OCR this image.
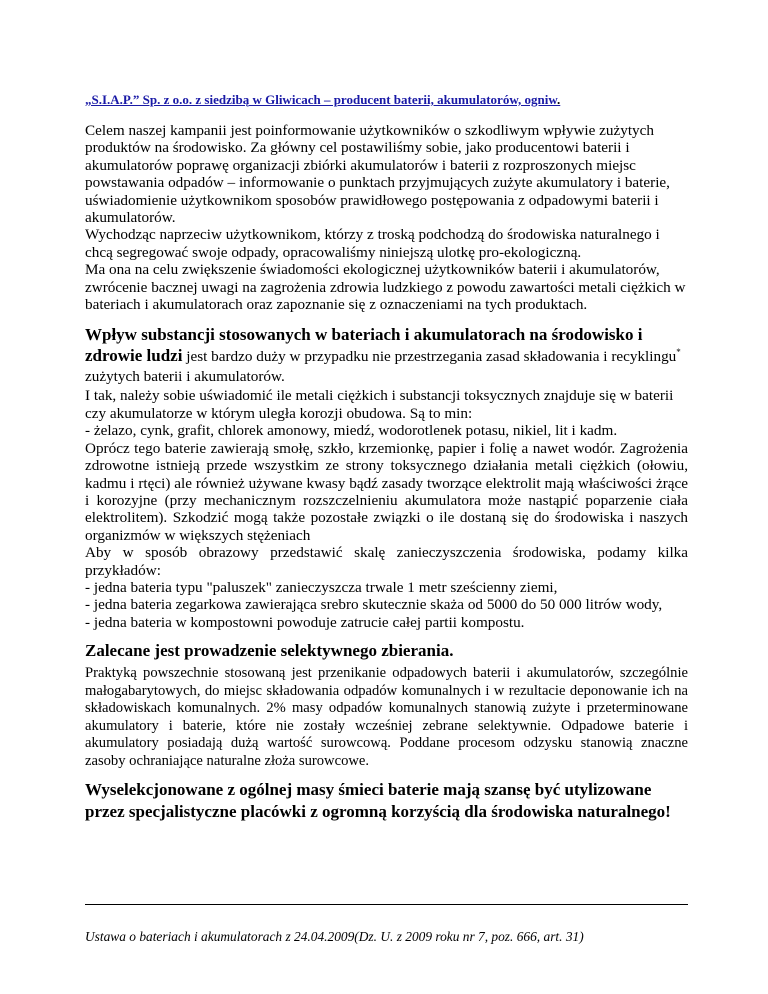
„S.I.A.P.” Sp. z o.o. z siedzibą w Gliwicach – producent baterii, akumulatorów, ogniw.

Celem naszej kampanii jest poinformowanie użytkowników o szkodliwym wpływie zużytych produktów na środowisko. Za główny cel postawiliśmy sobie, jako producentowi baterii i akumulatorów poprawę organizacji zbiórki akumulatorów i baterii z rozproszonych miejsc powstawania odpadów – informowanie o punktach przyjmujących zużyte akumulatory i baterie, uświadomienie użytkownikom sposobów prawidłowego postępowania z odpadowymi baterii i akumulatorów.

Wychodząc naprzeciw użytkownikom, którzy z troską podchodzą do środowiska naturalnego i chcą segregować swoje odpady, opracowaliśmy niniejszą ulotkę pro-ekologiczną.

Ma ona na celu zwiększenie świadomości ekologicznej użytkowników baterii i akumulatorów, zwrócenie bacznej uwagi na zagrożenia zdrowia ludzkiego z powodu zawartości metali ciężkich w bateriach i akumulatorach oraz zapoznanie się z oznaczeniami na tych produktach.

Wpływ substancji stosowanych w bateriach i akumulatorach na środowisko i zdrowie ludzi jest bardzo duży w przypadku nie przestrzegania zasad składowania i recyklingu* zużytych baterii i akumulatorów.

I tak, należy sobie uświadomić ile metali ciężkich i substancji toksycznych znajduje się w baterii czy akumulatorze w którym uległa korozji obudowa. Są to min:

- żelazo, cynk, grafit, chlorek amonowy, miedź, wodorotlenek potasu, nikiel, lit i kadm.

Oprócz tego baterie zawierają smołę, szkło, krzemionkę, papier i folię a nawet wodór. Zagrożenia zdrowotne istnieją przede wszystkim ze strony toksycznego działania metali ciężkich (ołowiu, kadmu i rtęci) ale również używane kwasy bądź zasady tworzące elektrolit mają właściwości żrące i korozyjne (przy mechanicznym rozszczelnieniu akumulatora może nastąpić poparzenie ciała elektrolitem). Szkodzić mogą także pozostałe związki o ile dostaną się do środowiska i naszych organizmów w większych stężeniach

Aby w sposób obrazowy przedstawić skalę zanieczyszczenia środowiska, podamy kilka przykładów:

- jedna bateria typu "paluszek" zanieczyszcza trwale 1 metr sześcienny ziemi,

- jedna bateria zegarkowa zawierająca srebro skutecznie skaża od 5000 do 50 000 litrów wody,

- jedna bateria w kompostowni powoduje zatrucie całej partii kompostu.

Zalecane jest prowadzenie selektywnego zbierania.

Praktyką powszechnie stosowaną jest przenikanie odpadowych baterii i akumulatorów, szczególnie małogabarytowych, do miejsc składowania odpadów komunalnych i w rezultacie deponowanie ich na składowiskach komunalnych. 2% masy odpadów komunalnych stanowią zużyte i przeterminowane akumulatory i baterie, które nie zostały wcześniej zebrane selektywnie. Odpadowe baterie i akumulatory posiadają dużą wartość surowcową. Poddane procesom odzysku stanowią znaczne zasoby ochraniające naturalne złoża surowcowe.

Wyselekcjonowane z ogólnej masy śmieci baterie mają szansę być utylizowane przez specjalistyczne placówki z ogromną korzyścią dla środowiska naturalnego!
Ustawa o bateriach i akumulatorach z 24.04.2009(Dz. U. z 2009 roku nr 7, poz. 666, art. 31)
